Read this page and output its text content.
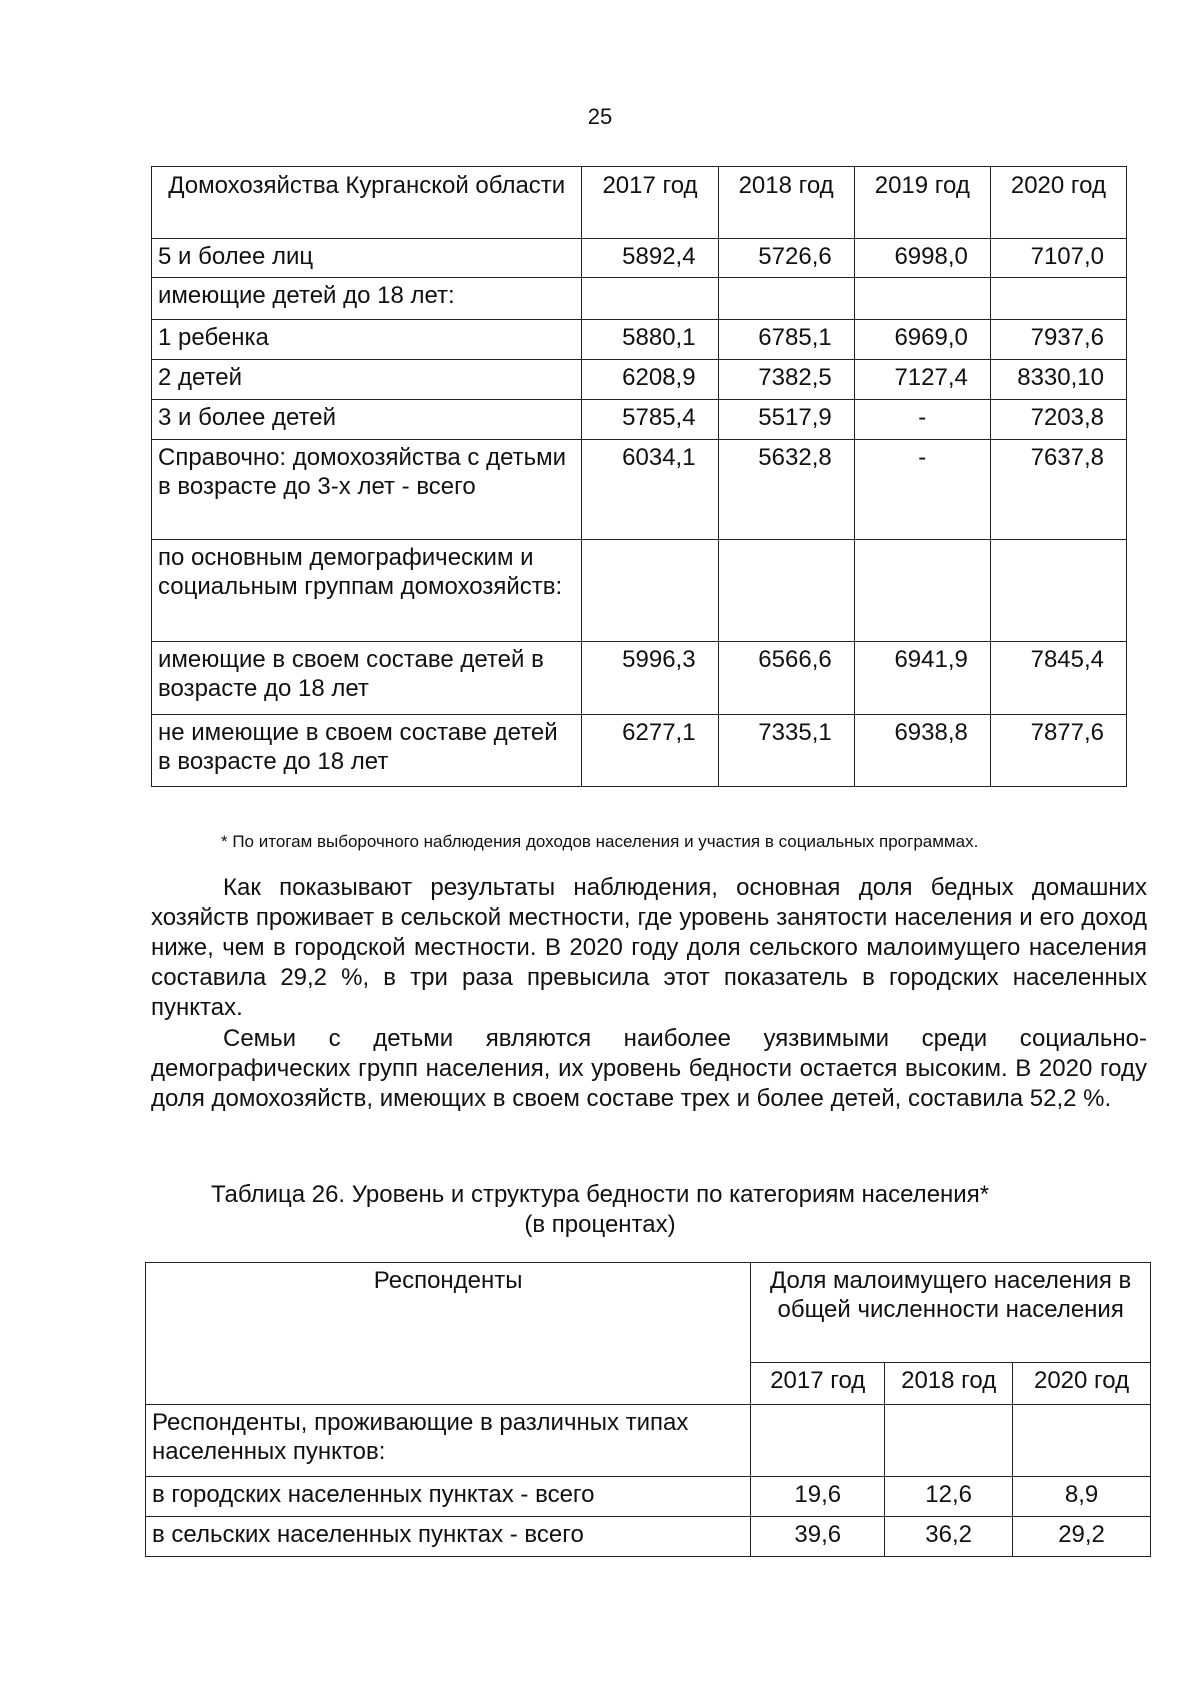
25
Домохозяйства Курганской области	2017 год	2018 год	2019 год	2020 год
5 и более лиц	5892,4	5726,6	6998,0	7107,0
имеющие детей до 18 лет:				
1 ребенка	5880,1	6785,1	6969,0	7937,6
2 детей	6208,9	7382,5	7127,4	8330,10
3 и более детей	5785,4	5517,9	-	7203,8
Справочно: домохозяйства с детьми в возрасте до 3-х лет - всего	6034,1	5632,8	-	7637,8
по основным демографическим и социальным группам домохозяйств:				
имеющие в своем составе детей в возрасте до 18 лет	5996,3	6566,6	6941,9	7845,4
не имеющие в своем составе детей в возрасте до 18 лет	6277,1	7335,1	6938,8	7877,6
* По итогам выборочного наблюдения доходов населения и участия в социальных программах.

Как показывают результаты наблюдения, основная доля бедных домашних хозяйств проживает в сельской местности, где уровень занятости населения и его доход ниже, чем в городской местности. В 2020 году доля сельского малоимущего населения составила 29,2 %, в три раза превысила этот показатель в городских населенных пунктах.

Семьи с детьми являются наиболее уязвимыми среди социально-демографических групп населения, их уровень бедности остается высоким. В 2020 году доля домохозяйств, имеющих в своем составе трех и более детей, составила 52,2 %.

Таблица 26. Уровень и структура бедности по категориям населения*
(в процентах)
Респонденты	Доля малоимущего населения в общей численности населения		
	2017 год	2018 год	2020 год
Респонденты, проживающие в различных типах населенных пунктов:			
в городских населенных пунктах - всего	19,6	12,6	8,9
в сельских населенных пунктах - всего	39,6	36,2	29,2
